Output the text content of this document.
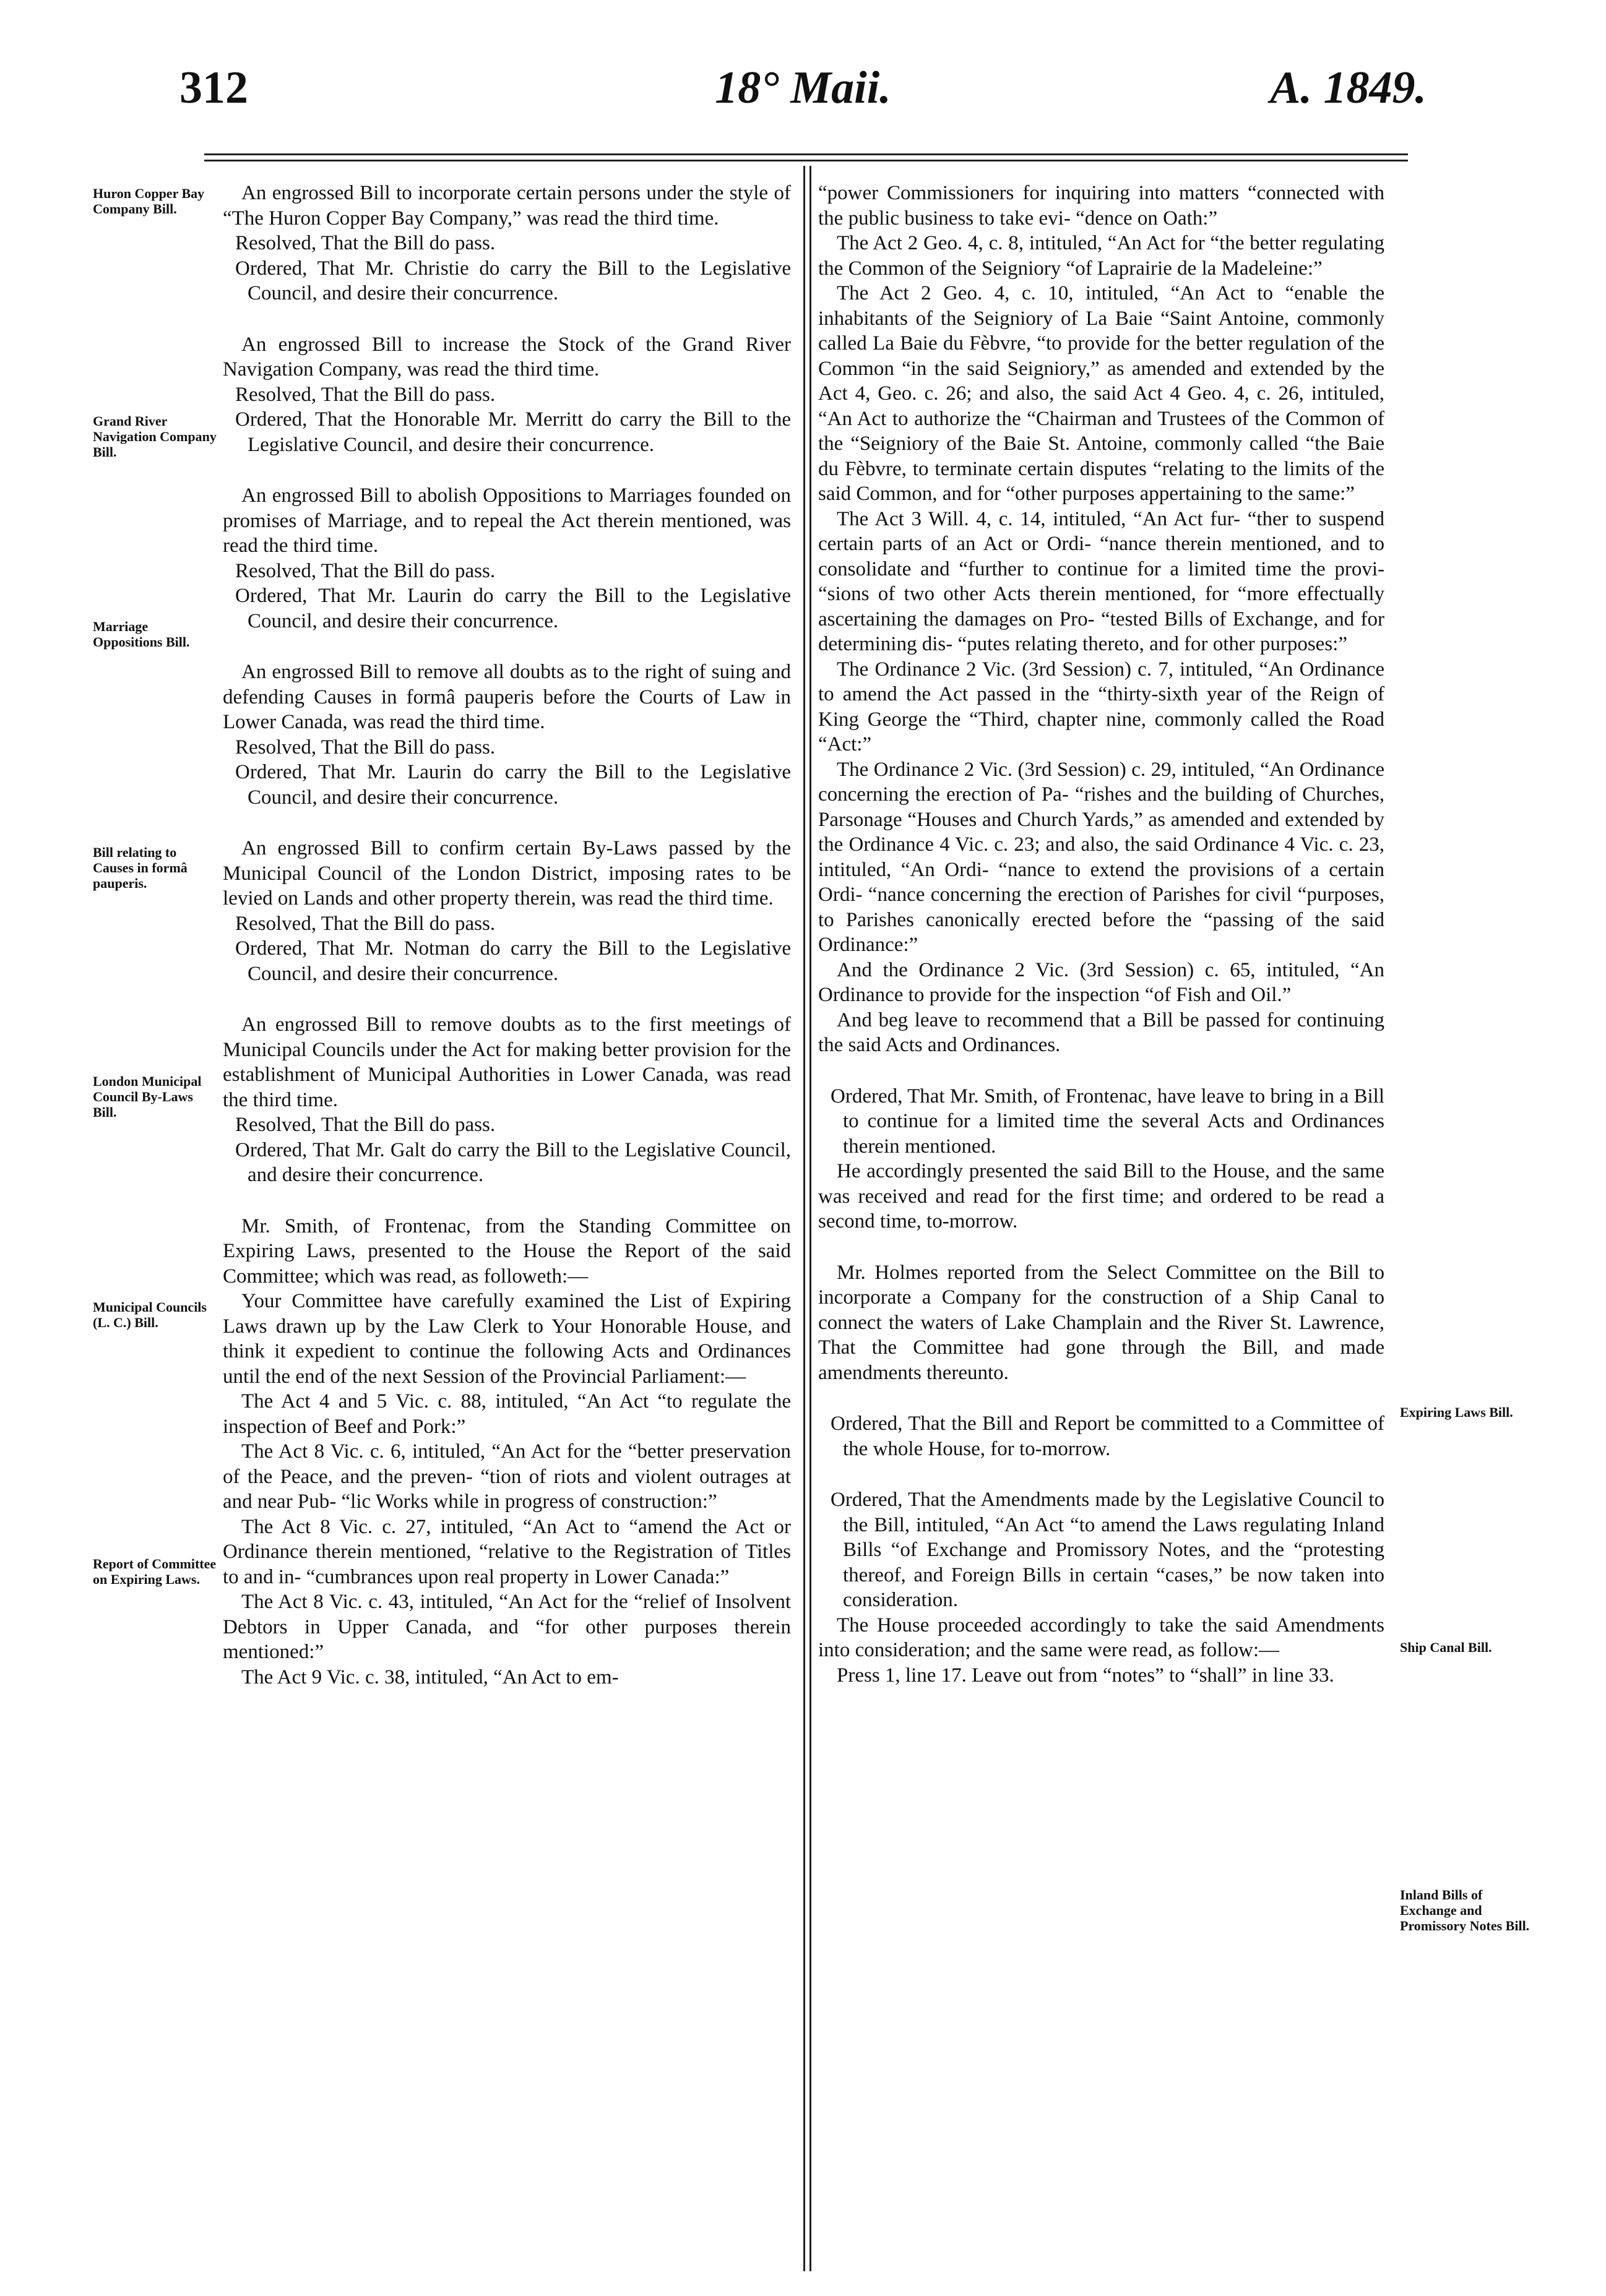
312	18° Maii.	A. 1849.
Huron Copper Bay Company Bill.
Grand River Navigation Company Bill.
Marriage Oppositions Bill.
Bill relating to Causes in formâ pauperis.
London Municipal Council By-Laws Bill.
Municipal Councils (L. C.) Bill.
Report of Committee on Expiring Laws.
Expiring Laws Bill.
Ship Canal Bill.
Inland Bills of Exchange and Promissory Notes Bill.

An engrossed Bill to incorporate certain persons under the style of “The Huron Copper Bay Company,” was read the third time.

Resolved, That the Bill do pass.

Ordered, That Mr. Christie do carry the Bill to the Legislative Council, and desire their concurrence.

An engrossed Bill to increase the Stock of the Grand River Navigation Company, was read the third time.

Resolved, That the Bill do pass.

Ordered, That the Honorable Mr. Merritt do carry the Bill to the Legislative Council, and desire their concurrence.

An engrossed Bill to abolish Oppositions to Marriages founded on promises of Marriage, and to repeal the Act therein mentioned, was read the third time.

Resolved, That the Bill do pass.

Ordered, That Mr. Laurin do carry the Bill to the Legislative Council, and desire their concurrence.

An engrossed Bill to remove all doubts as to the right of suing and defending Causes in formâ pauperis before the Courts of Law in Lower Canada, was read the third time.

Resolved, That the Bill do pass.

Ordered, That Mr. Laurin do carry the Bill to the Legislative Council, and desire their concurrence.

An engrossed Bill to confirm certain By-Laws passed by the Municipal Council of the London District, imposing rates to be levied on Lands and other property therein, was read the third time.

Resolved, That the Bill do pass.

Ordered, That Mr. Notman do carry the Bill to the Legislative Council, and desire their concurrence.

An engrossed Bill to remove doubts as to the first meetings of Municipal Councils under the Act for making better provision for the establishment of Municipal Authorities in Lower Canada, was read the third time.

Resolved, That the Bill do pass.

Ordered, That Mr. Galt do carry the Bill to the Legislative Council, and desire their concurrence.

Mr. Smith, of Frontenac, from the Standing Committee on Expiring Laws, presented to the House the Report of the said Committee; which was read, as followeth:—

Your Committee have carefully examined the List of Expiring Laws drawn up by the Law Clerk to Your Honorable House, and think it expedient to continue the following Acts and Ordinances until the end of the next Session of the Provincial Parliament:—

The Act 4 and 5 Vic. c. 88, intituled, “An Act “to regulate the inspection of Beef and Pork:”

The Act 8 Vic. c. 6, intituled, “An Act for the “better preservation of the Peace, and the preven- “tion of riots and violent outrages at and near Pub- “lic Works while in progress of construction:”

The Act 8 Vic. c. 27, intituled, “An Act to “amend the Act or Ordinance therein mentioned, “relative to the Registration of Titles to and in- “cumbrances upon real property in Lower Canada:”

The Act 8 Vic. c. 43, intituled, “An Act for the “relief of Insolvent Debtors in Upper Canada, and “for other purposes therein mentioned:”

The Act 9 Vic. c. 38, intituled, “An Act to em-

“power Commissioners for inquiring into matters “connected with the public business to take evi- “dence on Oath:”

The Act 2 Geo. 4, c. 8, intituled, “An Act for “the better regulating the Common of the Seigniory “of Laprairie de la Madeleine:”

The Act 2 Geo. 4, c. 10, intituled, “An Act to “enable the inhabitants of the Seigniory of La Baie “Saint Antoine, commonly called La Baie du Fèbvre, “to provide for the better regulation of the Common “in the said Seigniory,” as amended and extended by the Act 4, Geo. c. 26; and also, the said Act 4 Geo. 4, c. 26, intituled, “An Act to authorize the “Chairman and Trustees of the Common of the “Seigniory of the Baie St. Antoine, commonly called “the Baie du Fèbvre, to terminate certain disputes “relating to the limits of the said Common, and for “other purposes appertaining to the same:”

The Act 3 Will. 4, c. 14, intituled, “An Act fur- “ther to suspend certain parts of an Act or Ordi- “nance therein mentioned, and to consolidate and “further to continue for a limited time the provi- “sions of two other Acts therein mentioned, for “more effectually ascertaining the damages on Pro- “tested Bills of Exchange, and for determining dis- “putes relating thereto, and for other purposes:”

The Ordinance 2 Vic. (3rd Session) c. 7, intituled, “An Ordinance to amend the Act passed in the “thirty-sixth year of the Reign of King George the “Third, chapter nine, commonly called the Road “Act:”

The Ordinance 2 Vic. (3rd Session) c. 29, intituled, “An Ordinance concerning the erection of Pa- “rishes and the building of Churches, Parsonage “Houses and Church Yards,” as amended and extended by the Ordinance 4 Vic. c. 23; and also, the said Ordinance 4 Vic. c. 23, intituled, “An Ordi- “nance to extend the provisions of a certain Ordi- “nance concerning the erection of Parishes for civil “purposes, to Parishes canonically erected before the “passing of the said Ordinance:”

And the Ordinance 2 Vic. (3rd Session) c. 65, intituled, “An Ordinance to provide for the inspection “of Fish and Oil.”

And beg leave to recommend that a Bill be passed for continuing the said Acts and Ordinances.

Ordered, That Mr. Smith, of Frontenac, have leave to bring in a Bill to continue for a limited time the several Acts and Ordinances therein mentioned.

He accordingly presented the said Bill to the House, and the same was received and read for the first time; and ordered to be read a second time, to-morrow.

Mr. Holmes reported from the Select Committee on the Bill to incorporate a Company for the construction of a Ship Canal to connect the waters of Lake Champlain and the River St. Lawrence, That the Committee had gone through the Bill, and made amendments thereunto.

Ordered, That the Bill and Report be committed to a Committee of the whole House, for to-morrow.

Ordered, That the Amendments made by the Legislative Council to the Bill, intituled, “An Act “to amend the Laws regulating Inland Bills “of Exchange and Promissory Notes, and the “protesting thereof, and Foreign Bills in certain “cases,” be now taken into consideration.

The House proceeded accordingly to take the said Amendments into consideration; and the same were read, as follow:—

Press 1, line 17. Leave out from “notes” to “shall” in line 33.
